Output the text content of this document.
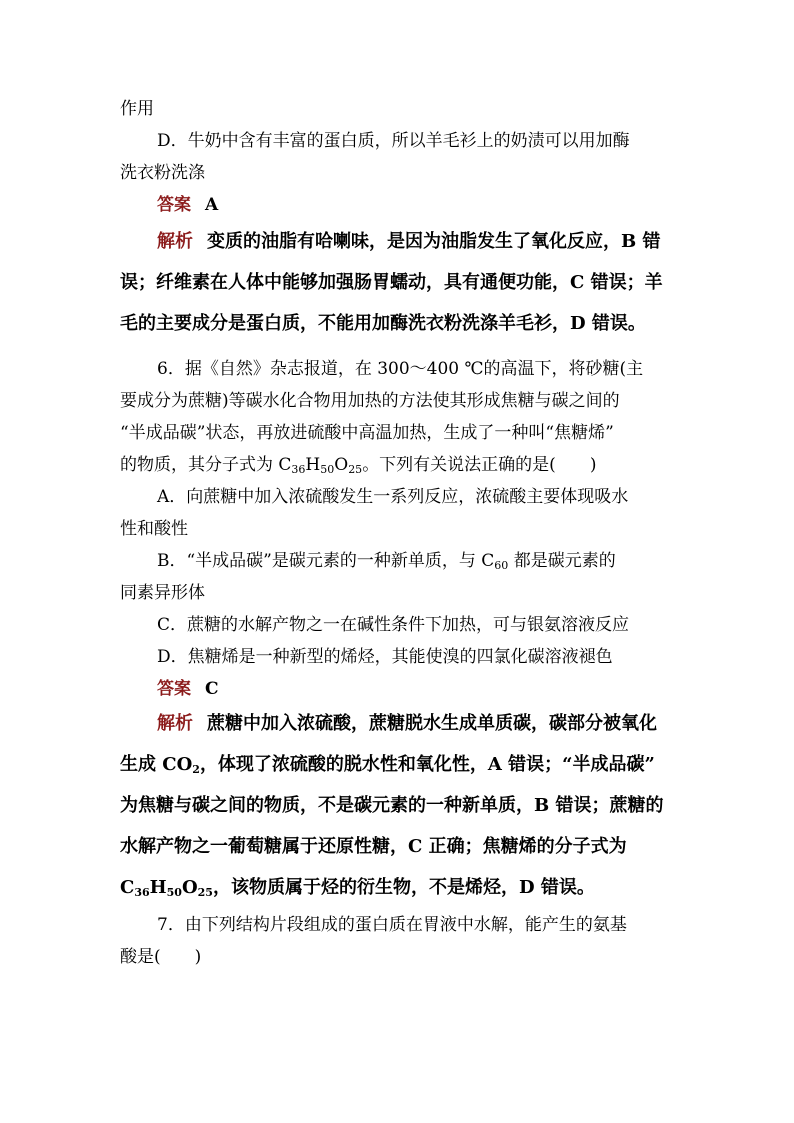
作用
D．牛奶中含有丰富的蛋白质，所以羊毛衫上的奶渍可以用加酶
洗衣粉洗涤
答案 A
解析 变质的油脂有哈喇味，是因为油脂发生了氧化反应，B 错
误；纤维素在人体中能够加强肠胃蠕动，具有通便功能，C 错误；羊
毛的主要成分是蛋白质，不能用加酶洗衣粉洗涤羊毛衫，D 错误。
6．据《自然》杂志报道，在 300～400 ℃的高温下，将砂糖(主
要成分为蔗糖)等碳水化合物用加热的方法使其形成焦糖与碳之间的
“半成品碳”状态，再放进硫酸中高温加热，生成了一种叫“焦糖烯”
的物质，其分子式为 $C_{36}H_{50}O_{25}$。下列有关说法正确的是(　　)
A．向蔗糖中加入浓硫酸发生一系列反应，浓硫酸主要体现吸水
性和酸性
B．“半成品碳”是碳元素的一种新单质，与 $C_{60}$ 都是碳元素的
同素异形体
C．蔗糖的水解产物之一在碱性条件下加热，可与银氨溶液反应
D．焦糖烯是一种新型的烯烃，其能使溴的四氯化碳溶液褪色
答案 C
解析 蔗糖中加入浓硫酸，蔗糖脱水生成单质碳，碳部分被氧化
生成 $CO_2$，体现了浓硫酸的脱水性和氧化性，A 错误；“半成品碳”
为焦糖与碳之间的物质，不是碳元素的一种新单质，B 错误；蔗糖的
水解产物之一葡萄糖属于还原性糖，C 正确；焦糖烯的分子式为
$C_{36}H_{50}O_{25}$，该物质属于烃的衍生物，不是烯烃，D 错误。
7．由下列结构片段组成的蛋白质在胃液中水解，能产生的氨基
酸是(　　)
